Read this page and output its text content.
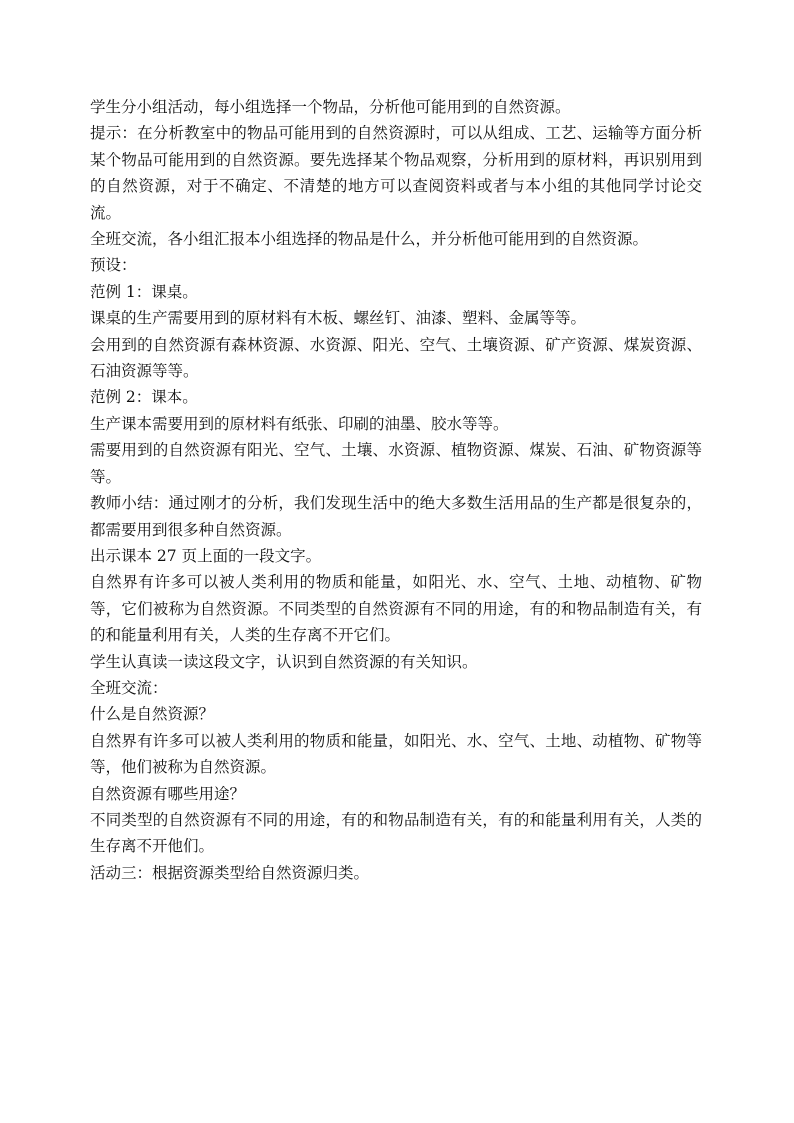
学生分小组活动，每小组选择一个物品，分析他可能用到的自然资源。

提示：在分析教室中的物品可能用到的自然资源时，可以从组成、工艺、运输等方面分析某个物品可能用到的自然资源。要先选择某个物品观察，分析用到的原材料，再识别用到的自然资源，对于不确定、不清楚的地方可以查阅资料或者与本小组的其他同学讨论交流。

全班交流，各小组汇报本小组选择的物品是什么，并分析他可能用到的自然资源。

预设：

范例 1：课桌。

课桌的生产需要用到的原材料有木板、螺丝钉、油漆、塑料、金属等等。

会用到的自然资源有森林资源、水资源、阳光、空气、土壤资源、矿产资源、煤炭资源、石油资源等等。

范例 2：课本。

生产课本需要用到的原材料有纸张、印刷的油墨、胶水等等。

需要用到的自然资源有阳光、空气、土壤、水资源、植物资源、煤炭、石油、矿物资源等等。

教师小结：通过刚才的分析，我们发现生活中的绝大多数生活用品的生产都是很复杂的，都需要用到很多种自然资源。

出示课本 27 页上面的一段文字。

自然界有许多可以被人类利用的物质和能量，如阳光、水、空气、土地、动植物、矿物等，它们被称为自然资源。不同类型的自然资源有不同的用途，有的和物品制造有关，有的和能量利用有关，人类的生存离不开它们。

学生认真读一读这段文字，认识到自然资源的有关知识。

全班交流：

什么是自然资源？

自然界有许多可以被人类利用的物质和能量，如阳光、水、空气、土地、动植物、矿物等等，他们被称为自然资源。

自然资源有哪些用途？

不同类型的自然资源有不同的用途，有的和物品制造有关，有的和能量利用有关，人类的生存离不开他们。

活动三：根据资源类型给自然资源归类。
